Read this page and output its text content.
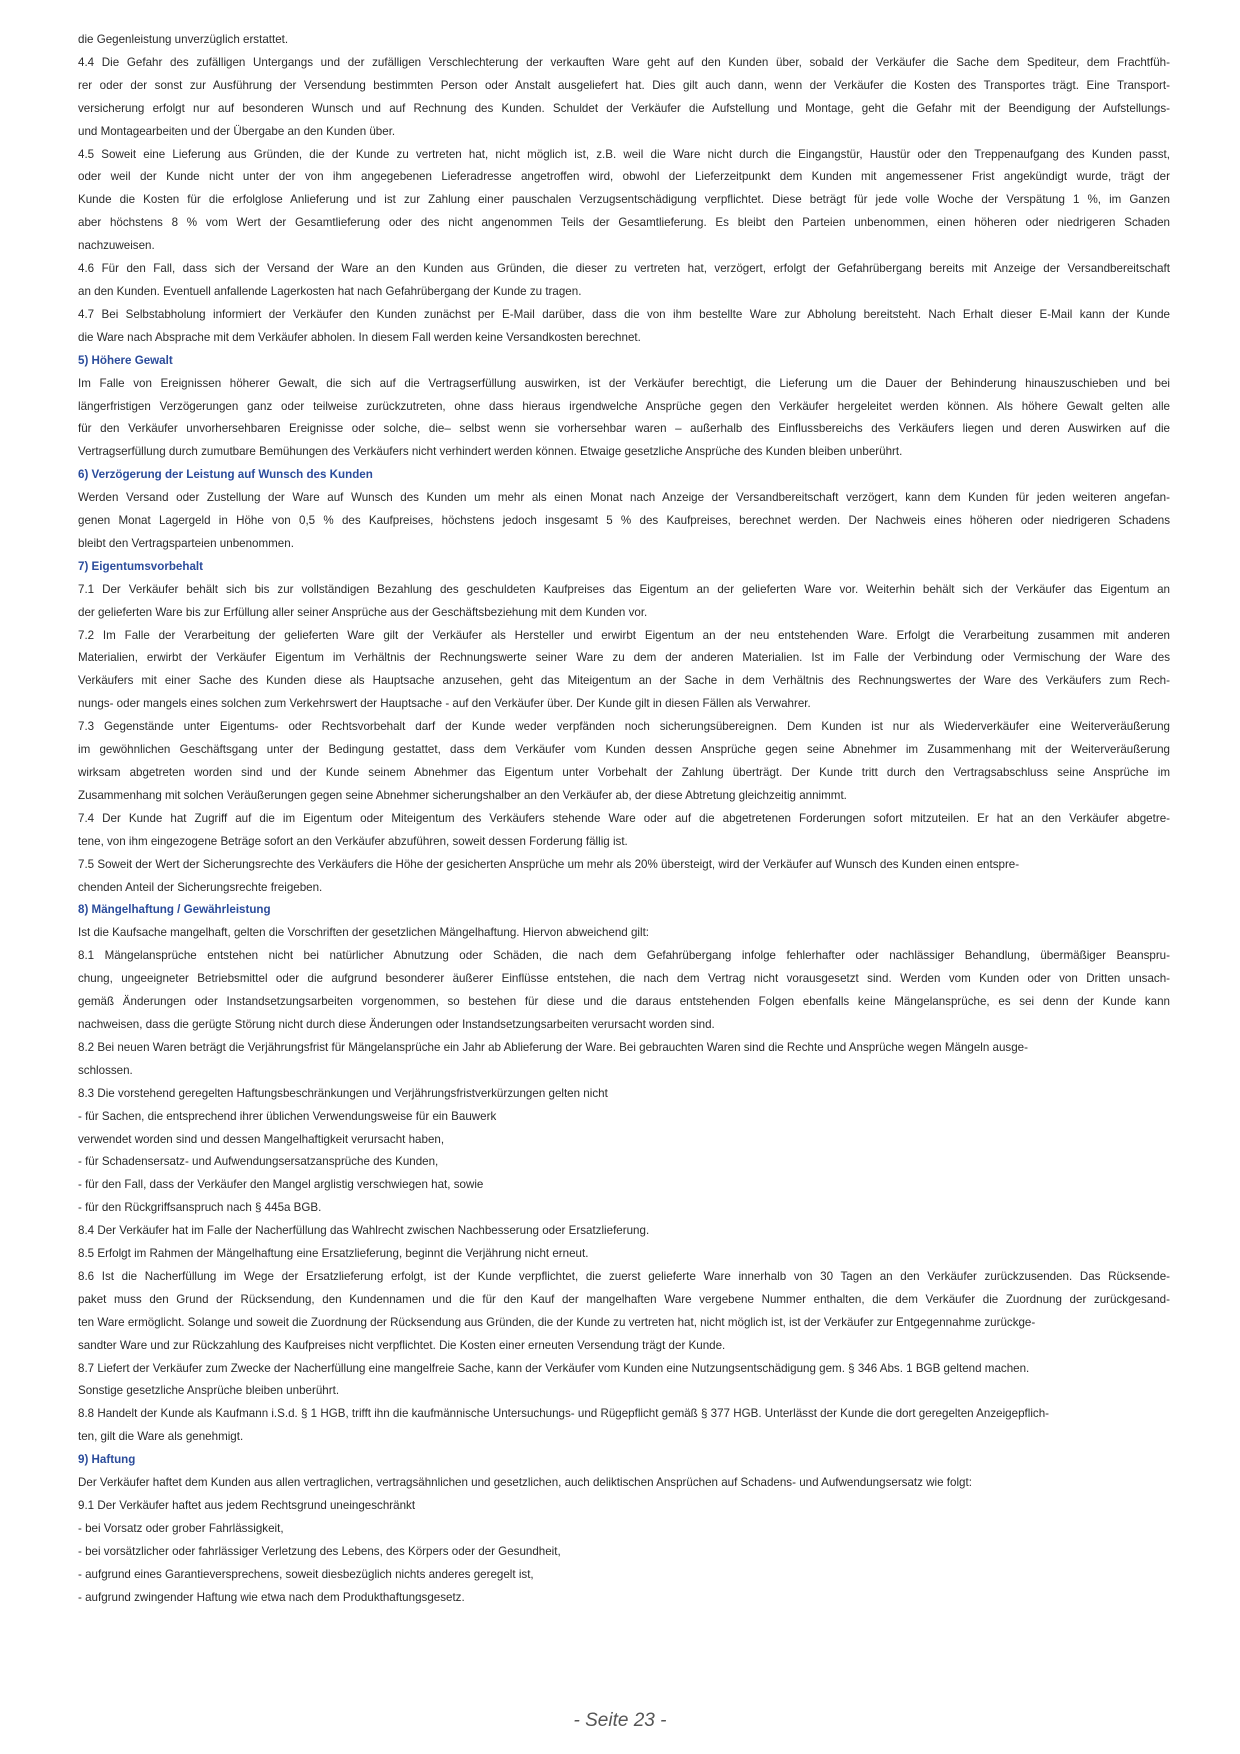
die Gegenleistung unverzüglich erstattet.
4.4 Die Gefahr des zufälligen Untergangs und der zufälligen Verschlechterung der verkauften Ware geht auf den Kunden über, sobald der Verkäufer die Sache dem Spediteur, dem Frachtfüh-
rer oder der sonst zur Ausführung der Versendung bestimmten Person oder Anstalt ausgeliefert hat. Dies gilt auch dann, wenn der Verkäufer die Kosten des Transportes trägt. Eine Transport-
versicherung erfolgt nur auf besonderen Wunsch und auf Rechnung des Kunden. Schuldet der Verkäufer die Aufstellung und Montage, geht die Gefahr mit der Beendigung der Aufstellungs-
und Montagearbeiten und der Übergabe an den Kunden über.
4.5 Soweit eine Lieferung aus Gründen, die der Kunde zu vertreten hat, nicht möglich ist, z.B. weil die Ware nicht durch die Eingangstür, Haustür oder den Treppenaufgang des Kunden passt,
oder weil der Kunde nicht unter der von ihm angegebenen Lieferadresse angetroffen wird, obwohl der Lieferzeitpunkt dem Kunden mit angemessener Frist angekündigt wurde, trägt der
Kunde die Kosten für die erfolglose Anlieferung und ist zur Zahlung einer pauschalen Verzugsentschädigung verpflichtet. Diese beträgt für jede volle Woche der Verspätung 1 %, im Ganzen
aber höchstens 8 % vom Wert der Gesamtlieferung oder des nicht angenommen Teils der Gesamtlieferung. Es bleibt den Parteien unbenommen, einen höheren oder niedrigeren Schaden
nachzuweisen.
4.6 Für den Fall, dass sich der Versand der Ware an den Kunden aus Gründen, die dieser zu vertreten hat, verzögert, erfolgt der Gefahrübergang bereits mit Anzeige der Versandbereitschaft
an den Kunden. Eventuell anfallende Lagerkosten hat nach Gefahrübergang der Kunde zu tragen.
4.7 Bei Selbstabholung informiert der Verkäufer den Kunden zunächst per E-Mail darüber, dass die von ihm bestellte Ware zur Abholung bereitsteht. Nach Erhalt dieser E-Mail kann der Kunde
die Ware nach Absprache mit dem Verkäufer abholen. In diesem Fall werden keine Versandkosten berechnet.
5) Höhere Gewalt
Im Falle von Ereignissen höherer Gewalt, die sich auf die Vertragserfüllung auswirken, ist der Verkäufer berechtigt, die Lieferung um die Dauer der Behinderung hinauszuschieben und bei
längerfristigen Verzögerungen ganz oder teilweise zurückzutreten, ohne dass hieraus irgendwelche Ansprüche gegen den Verkäufer hergeleitet werden können. Als höhere Gewalt gelten alle
für den Verkäufer unvorhersehbaren Ereignisse oder solche, die– selbst wenn sie vorhersehbar waren – außerhalb des Einflussbereichs des Verkäufers liegen und deren Auswirken auf die
Vertragserfüllung durch zumutbare Bemühungen des Verkäufers nicht verhindert werden können. Etwaige gesetzliche Ansprüche des Kunden bleiben unberührt.
6) Verzögerung der Leistung auf Wunsch des Kunden
Werden Versand oder Zustellung der Ware auf Wunsch des Kunden um mehr als einen Monat nach Anzeige der Versandbereitschaft verzögert, kann dem Kunden für jeden weiteren angefan-
genen Monat Lagergeld in Höhe von 0,5 % des Kaufpreises, höchstens jedoch insgesamt 5 % des Kaufpreises, berechnet werden. Der Nachweis eines höheren oder niedrigeren Schadens
bleibt den Vertragsparteien unbenommen.
7) Eigentumsvorbehalt
7.1 Der Verkäufer behält sich bis zur vollständigen Bezahlung des geschuldeten Kaufpreises das Eigentum an der gelieferten Ware vor. Weiterhin behält sich der Verkäufer das Eigentum an
der gelieferten Ware bis zur Erfüllung aller seiner Ansprüche aus der Geschäftsbeziehung mit dem Kunden vor.
7.2 Im Falle der Verarbeitung der gelieferten Ware gilt der Verkäufer als Hersteller und erwirbt Eigentum an der neu entstehenden Ware. Erfolgt die Verarbeitung zusammen mit anderen
Materialien, erwirbt der Verkäufer Eigentum im Verhältnis der Rechnungswerte seiner Ware zu dem der anderen Materialien. Ist im Falle der Verbindung oder Vermischung der Ware des
Verkäufers mit einer Sache des Kunden diese als Hauptsache anzusehen, geht das Miteigentum an der Sache in dem Verhältnis des Rechnungswertes der Ware des Verkäufers zum Rech-
nungs- oder mangels eines solchen zum Verkehrswert der Hauptsache - auf den Verkäufer über. Der Kunde gilt in diesen Fällen als Verwahrer.
7.3 Gegenstände unter Eigentums- oder Rechtsvorbehalt darf der Kunde weder verpfänden noch sicherungsübereignen. Dem Kunden ist nur als Wiederverkäufer eine Weiterveräußerung
im gewöhnlichen Geschäftsgang unter der Bedingung gestattet, dass dem Verkäufer vom Kunden dessen Ansprüche gegen seine Abnehmer im Zusammenhang mit der Weiterveräußerung
wirksam abgetreten worden sind und der Kunde seinem Abnehmer das Eigentum unter Vorbehalt der Zahlung überträgt. Der Kunde tritt durch den Vertragsabschluss seine Ansprüche im
Zusammenhang mit solchen Veräußerungen gegen seine Abnehmer sicherungshalber an den Verkäufer ab, der diese Abtretung gleichzeitig annimmt.
7.4 Der Kunde hat Zugriff auf die im Eigentum oder Miteigentum des Verkäufers stehende Ware oder auf die abgetretenen Forderungen sofort mitzuteilen. Er hat an den Verkäufer abgetre-
tene, von ihm eingezogene Beträge sofort an den Verkäufer abzuführen, soweit dessen Forderung fällig ist.
7.5 Soweit der Wert der Sicherungsrechte des Verkäufers die Höhe der gesicherten Ansprüche um mehr als 20% übersteigt, wird der Verkäufer auf Wunsch des Kunden einen entspre-
chenden Anteil der Sicherungsrechte freigeben.
8) Mängelhaftung / Gewährleistung
Ist die Kaufsache mangelhaft, gelten die Vorschriften der gesetzlichen Mängelhaftung. Hiervon abweichend gilt:
8.1 Mängelansprüche entstehen nicht bei natürlicher Abnutzung oder Schäden, die nach dem Gefahrübergang infolge fehlerhafter oder nachlässiger Behandlung, übermäßiger Beanspru-
chung, ungeeigneter Betriebsmittel oder die aufgrund besonderer äußerer Einflüsse entstehen, die nach dem Vertrag nicht vorausgesetzt sind. Werden vom Kunden oder von Dritten unsach-
gemäß Änderungen oder Instandsetzungsarbeiten vorgenommen, so bestehen für diese und die daraus entstehenden Folgen ebenfalls keine Mängelansprüche, es sei denn der Kunde kann
nachweisen, dass die gerügte Störung nicht durch diese Änderungen oder Instandsetzungsarbeiten verursacht worden sind.
8.2 Bei neuen Waren beträgt die Verjährungsfrist für Mängelansprüche ein Jahr ab Ablieferung der Ware. Bei gebrauchten Waren sind die Rechte und Ansprüche wegen Mängeln ausge-
schlossen.
8.3 Die vorstehend geregelten Haftungsbeschränkungen und Verjährungsfristverkürzungen gelten nicht
- für Sachen, die entsprechend ihrer üblichen Verwendungsweise für ein Bauwerk
verwendet worden sind und dessen Mangelhaftigkeit verursacht haben,
- für Schadensersatz- und Aufwendungsersatzansprüche des Kunden,
- für den Fall, dass der Verkäufer den Mangel arglistig verschwiegen hat, sowie
- für den Rückgriffsanspruch nach § 445a BGB.
8.4 Der Verkäufer hat im Falle der Nacherfüllung das Wahlrecht zwischen Nachbesserung oder Ersatzlieferung.
8.5 Erfolgt im Rahmen der Mängelhaftung eine Ersatzlieferung, beginnt die Verjährung nicht erneut.
8.6 Ist die Nacherfüllung im Wege der Ersatzlieferung erfolgt, ist der Kunde verpflichtet, die zuerst gelieferte Ware innerhalb von 30 Tagen an den Verkäufer zurückzusenden. Das Rücksende-
paket muss den Grund der Rücksendung, den Kundennamen und die für den Kauf der mangelhaften Ware vergebene Nummer enthalten, die dem Verkäufer die Zuordnung der zurückgesand-
ten Ware ermöglicht. Solange und soweit die Zuordnung der Rücksendung aus Gründen, die der Kunde zu vertreten hat, nicht möglich ist, ist der Verkäufer zur Entgegennahme zurückge-
sandter Ware und zur Rückzahlung des Kaufpreises nicht verpflichtet. Die Kosten einer erneuten Versendung trägt der Kunde.
8.7 Liefert der Verkäufer zum Zwecke der Nacherfüllung eine mangelfreie Sache, kann der Verkäufer vom Kunden eine Nutzungsentschädigung gem. § 346 Abs. 1 BGB geltend machen.
Sonstige gesetzliche Ansprüche bleiben unberührt.
8.8 Handelt der Kunde als Kaufmann i.S.d. § 1 HGB, trifft ihn die kaufmännische Untersuchungs- und Rügepflicht gemäß § 377 HGB. Unterlässt der Kunde die dort geregelten Anzeigepflich-
ten, gilt die Ware als genehmigt.
9) Haftung
Der Verkäufer haftet dem Kunden aus allen vertraglichen, vertragsähnlichen und gesetzlichen, auch deliktischen Ansprüchen auf Schadens- und Aufwendungsersatz wie folgt:
9.1 Der Verkäufer haftet aus jedem Rechtsgrund uneingeschränkt
- bei Vorsatz oder grober Fahrlässigkeit,
- bei vorsätzlicher oder fahrlässiger Verletzung des Lebens, des Körpers oder der Gesundheit,
- aufgrund eines Garantieversprechens, soweit diesbezüglich nichts anderes geregelt ist,
- aufgrund zwingender Haftung wie etwa nach dem Produkthaftungsgesetz.
- Seite 23 -
